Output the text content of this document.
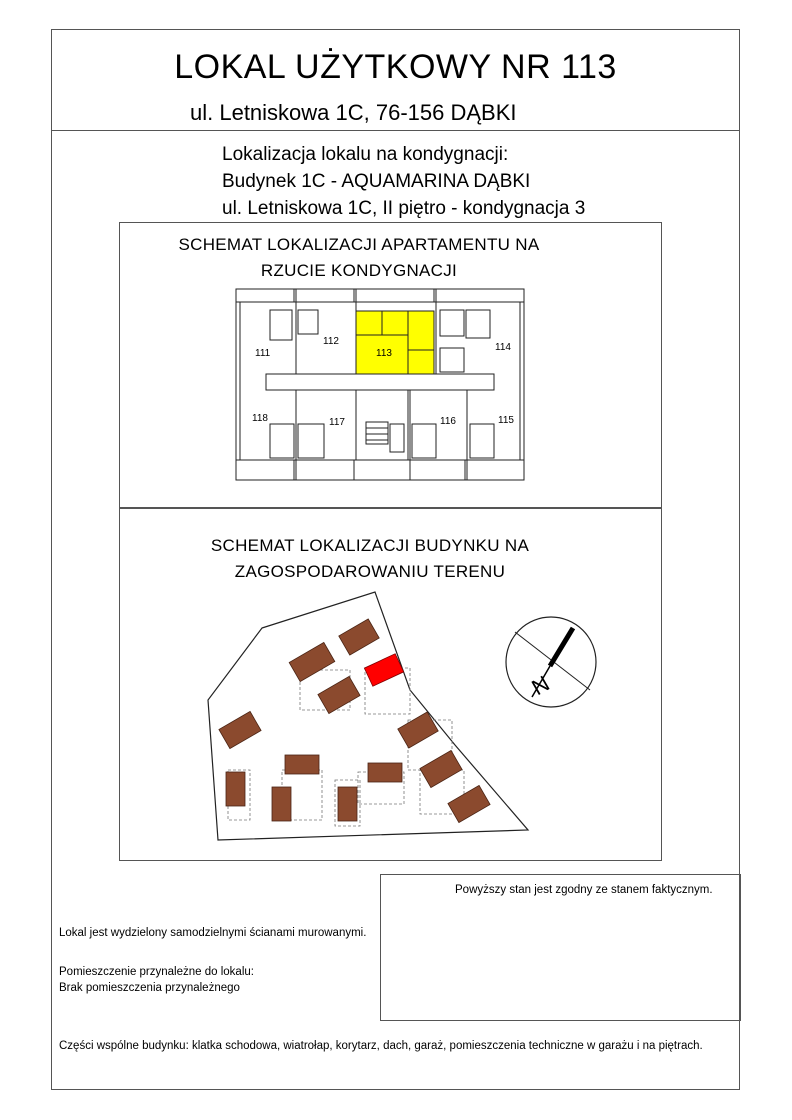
LOKAL UŻYTKOWY NR 113
ul. Letniskowa 1C, 76-156 DĄBKI
Lokalizacja lokalu na kondygnacji:
Budynek 1C - AQUAMARINA DĄBKI
ul. Letniskowa 1C, II piętro - kondygnacja 3
SCHEMAT LOKALIZACJI APARTAMENTU NA
RZUCIE KONDYGNACJI
111
112
113
114
118	117	116	115
SCHEMAT LOKALIZACJI BUDYNKU NA
ZAGOSPODAROWANIU TERENU
N
Powyższy stan jest zgodny ze stanem faktycznym.
Lokal jest wydzielony samodzielnymi ścianami murowanymi.
Pomieszczenie przynależne do lokalu:
Brak pomieszczenia przynależnego
Części wspólne budynku: klatka schodowa, wiatrołap, korytarz, dach, garaż, pomieszczenia techniczne w garażu i na piętrach.
